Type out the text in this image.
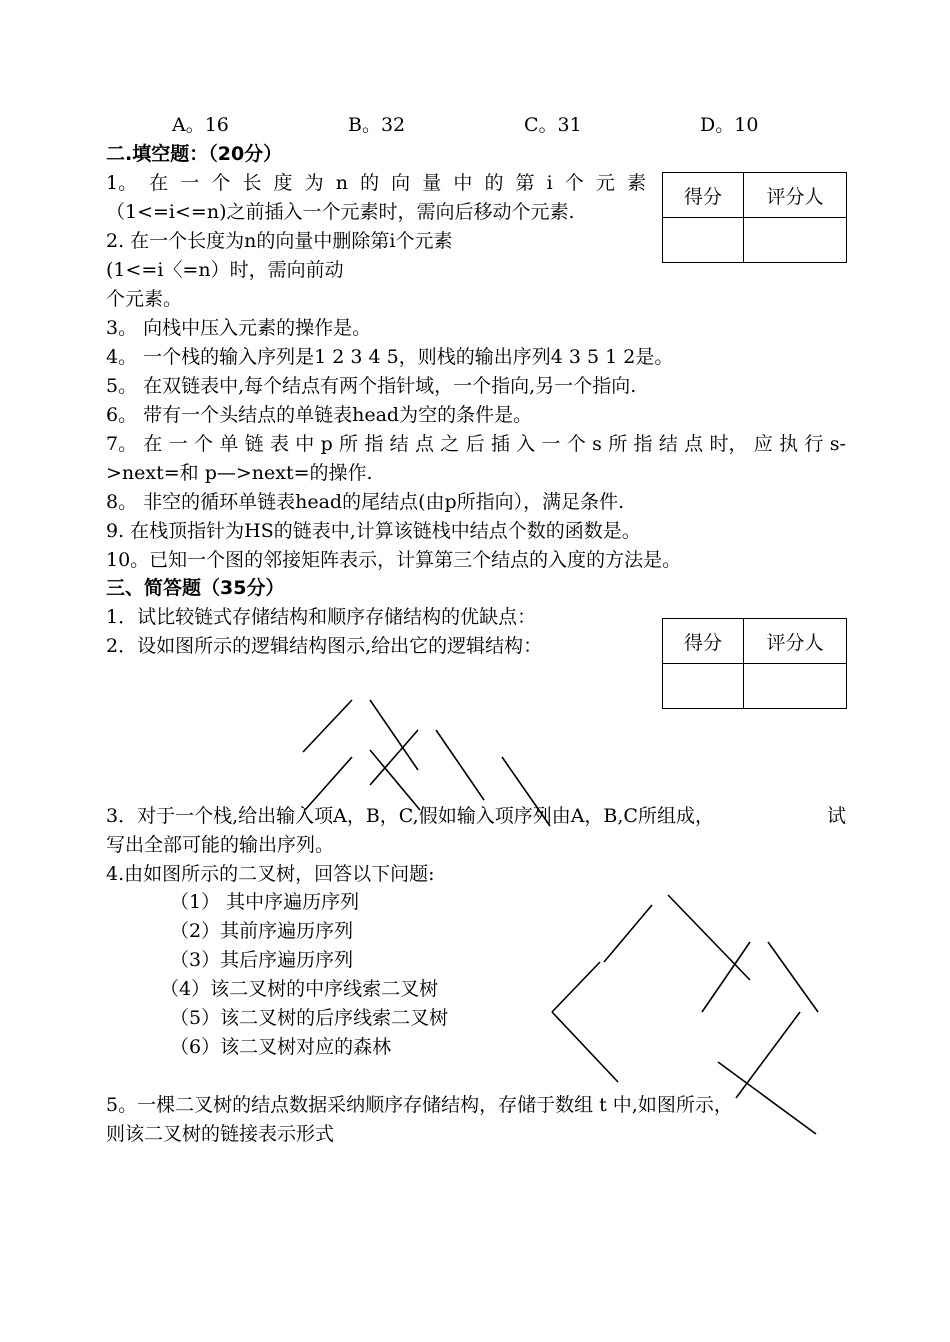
A。16	B。32	C。31	D。10
二.填空题：（20分）
1。 在 一 个 长 度 为 n 的 向 量 中 的 第 i 个 元 素
（1<=i<=n)之前插入一个元素时，需向后移动个元素.
2. 在一个长度为n的向量中删除第i个元素
(1<=i〈=n）时，需向前动
个元素。
3。 向栈中压入元素的操作是。
4。 一个栈的输入序列是1 2 3 4 5，则栈的输出序列4 3 5 1 2是。
5。 在双链表中,每个结点有两个指针域，一个指向,另一个指向.
6。 带有一个头结点的单链表head为空的条件是。
7。 在 一 个 单 链 表 中 p 所 指 结 点 之 后 插 入 一 个 s 所 指 结 点 时， 应 执 行 s-
>next=和 p—>next=的操作.
8。 非空的循环单链表head的尾结点(由p所指向），满足条件.
9. 在栈顶指针为HS的链表中,计算该链栈中结点个数的函数是。
10。已知一个图的邻接矩阵表示，计算第三个结点的入度的方法是。
得分	评分人

三、简答题（35分）
1．试比较链式存储结构和顺序存储结构的优缺点：
2．设如图所示的逻辑结构图示,给出它的逻辑结构：	得分	评分人

3．对于一个栈,给出输入项A，B，C,假如输入项序列由A，B,C所组成，	试
写出全部可能的输出序列。
4.由如图所示的二叉树，回答以下问题:
（1） 其中序遍历序列
（2）其前序遍历序列
（3）其后序遍历序列
（4）该二叉树的中序线索二叉树
（5）该二叉树的后序线索二叉树
（6）该二叉树对应的森林
5。一棵二叉树的结点数据采纳顺序存储结构，存储于数组 t 中,如图所示，
则该二叉树的链接表示形式
